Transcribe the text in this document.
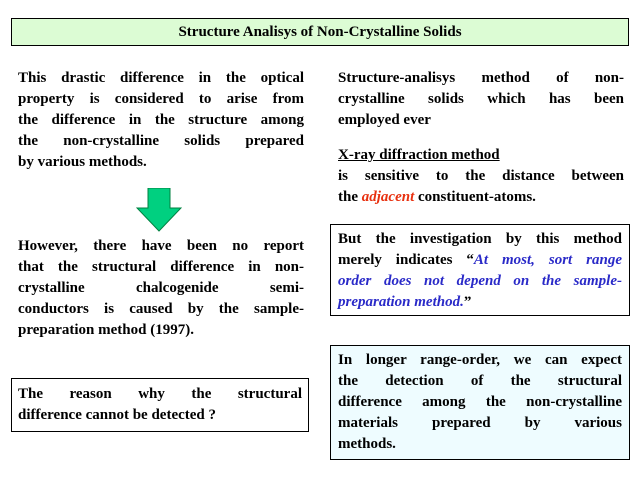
Structure Analisys of Non-Crystalline Solids
This drastic difference in the optical
property is considered to arise from
the difference in the structure among
the non-crystalline solids prepared
by various methods.
However, there have been no report
that the structural difference in non-
crystalline chalcogenide semi-
conductors is caused by the sample-
preparation method (1997).
The reason why the structural
difference cannot be detected ?
Structure-analisys method of non-
crystalline solids which has been
employed ever
X-ray diffraction method
is sensitive to the distance between
the adjacent constituent-atoms.
But the investigation by this method
merely indicates “At most, sort range
order does not depend on the sample-
preparation method.”
In longer range-order, we can expect
the detection of the structural
difference among the non-crystalline
materials prepared by various
methods.
